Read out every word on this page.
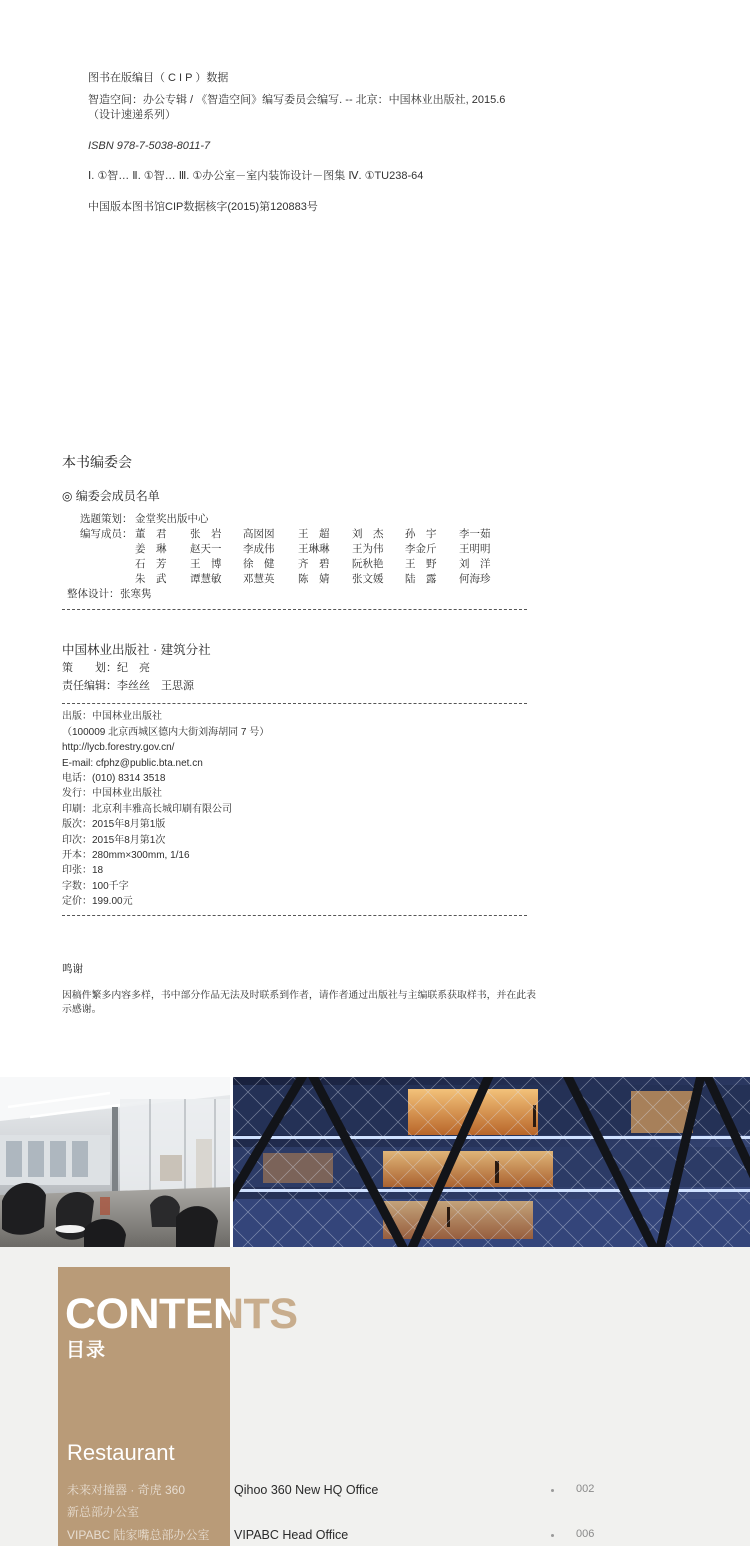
图书在版编目（ C I P ）数据
智造空间：办公专辑 / 《智造空间》编写委员会编写. -- 北京：中国林业出版社, 2015.6
（设计速递系列）
ISBN 978-7-5038-8011-7
Ⅰ. ①智… Ⅱ. ①智… Ⅲ. ①办公室－室内装饰设计－图集 Ⅳ. ①TU238-64
中国版本图书馆CIP数据核字(2015)第120883号
本书编委会
◎ 编委会成员名单
选题策划： 金堂奖出版中心
编写成员： 董　君 张　岩 高囡囡 王　超 刘　杰 孙　宇 李一茹
姜　琳 赵天一 李成伟 王琳琳 王为伟 李金斤 王明明
石　芳 王　博 徐　健 齐　碧 阮秋艳 王　野 刘　洋
朱　武 谭慧敏 邓慧英 陈　婧 张文媛 陆　露 何海珍
整体设计： 张寒隽
中国林业出版社 · 建筑分社
策　　划：纪　亮
责任编辑：李丝丝　王思源
出版：中国林业出版社
（100009 北京西城区德内大街刘海胡同 7 号）
http://lycb.forestry.gov.cn/
E-mail: cfphz@public.bta.net.cn
电话：(010) 8314 3518
发行：中国林业出版社
印刷：北京利丰雅高长城印刷有限公司
版次：2015年8月第1版
印次：2015年8月第1次
开本：280mm×300mm, 1/16
印张：18
字数：100千字
定价：199.00元
鸣谢
因稿件繁多内容多样，书中部分作品无法及时联系到作者，请作者通过出版社与主编联系获取样书，并在此表示感谢。
CONTENTS
目录
Restaurant
未来对撞器 · 奇虎 360
新总部办公室
VIPABC 陆家嘴总部办公室
Qihoo 360 New HQ Office	002
VIPABC Head Office	006
